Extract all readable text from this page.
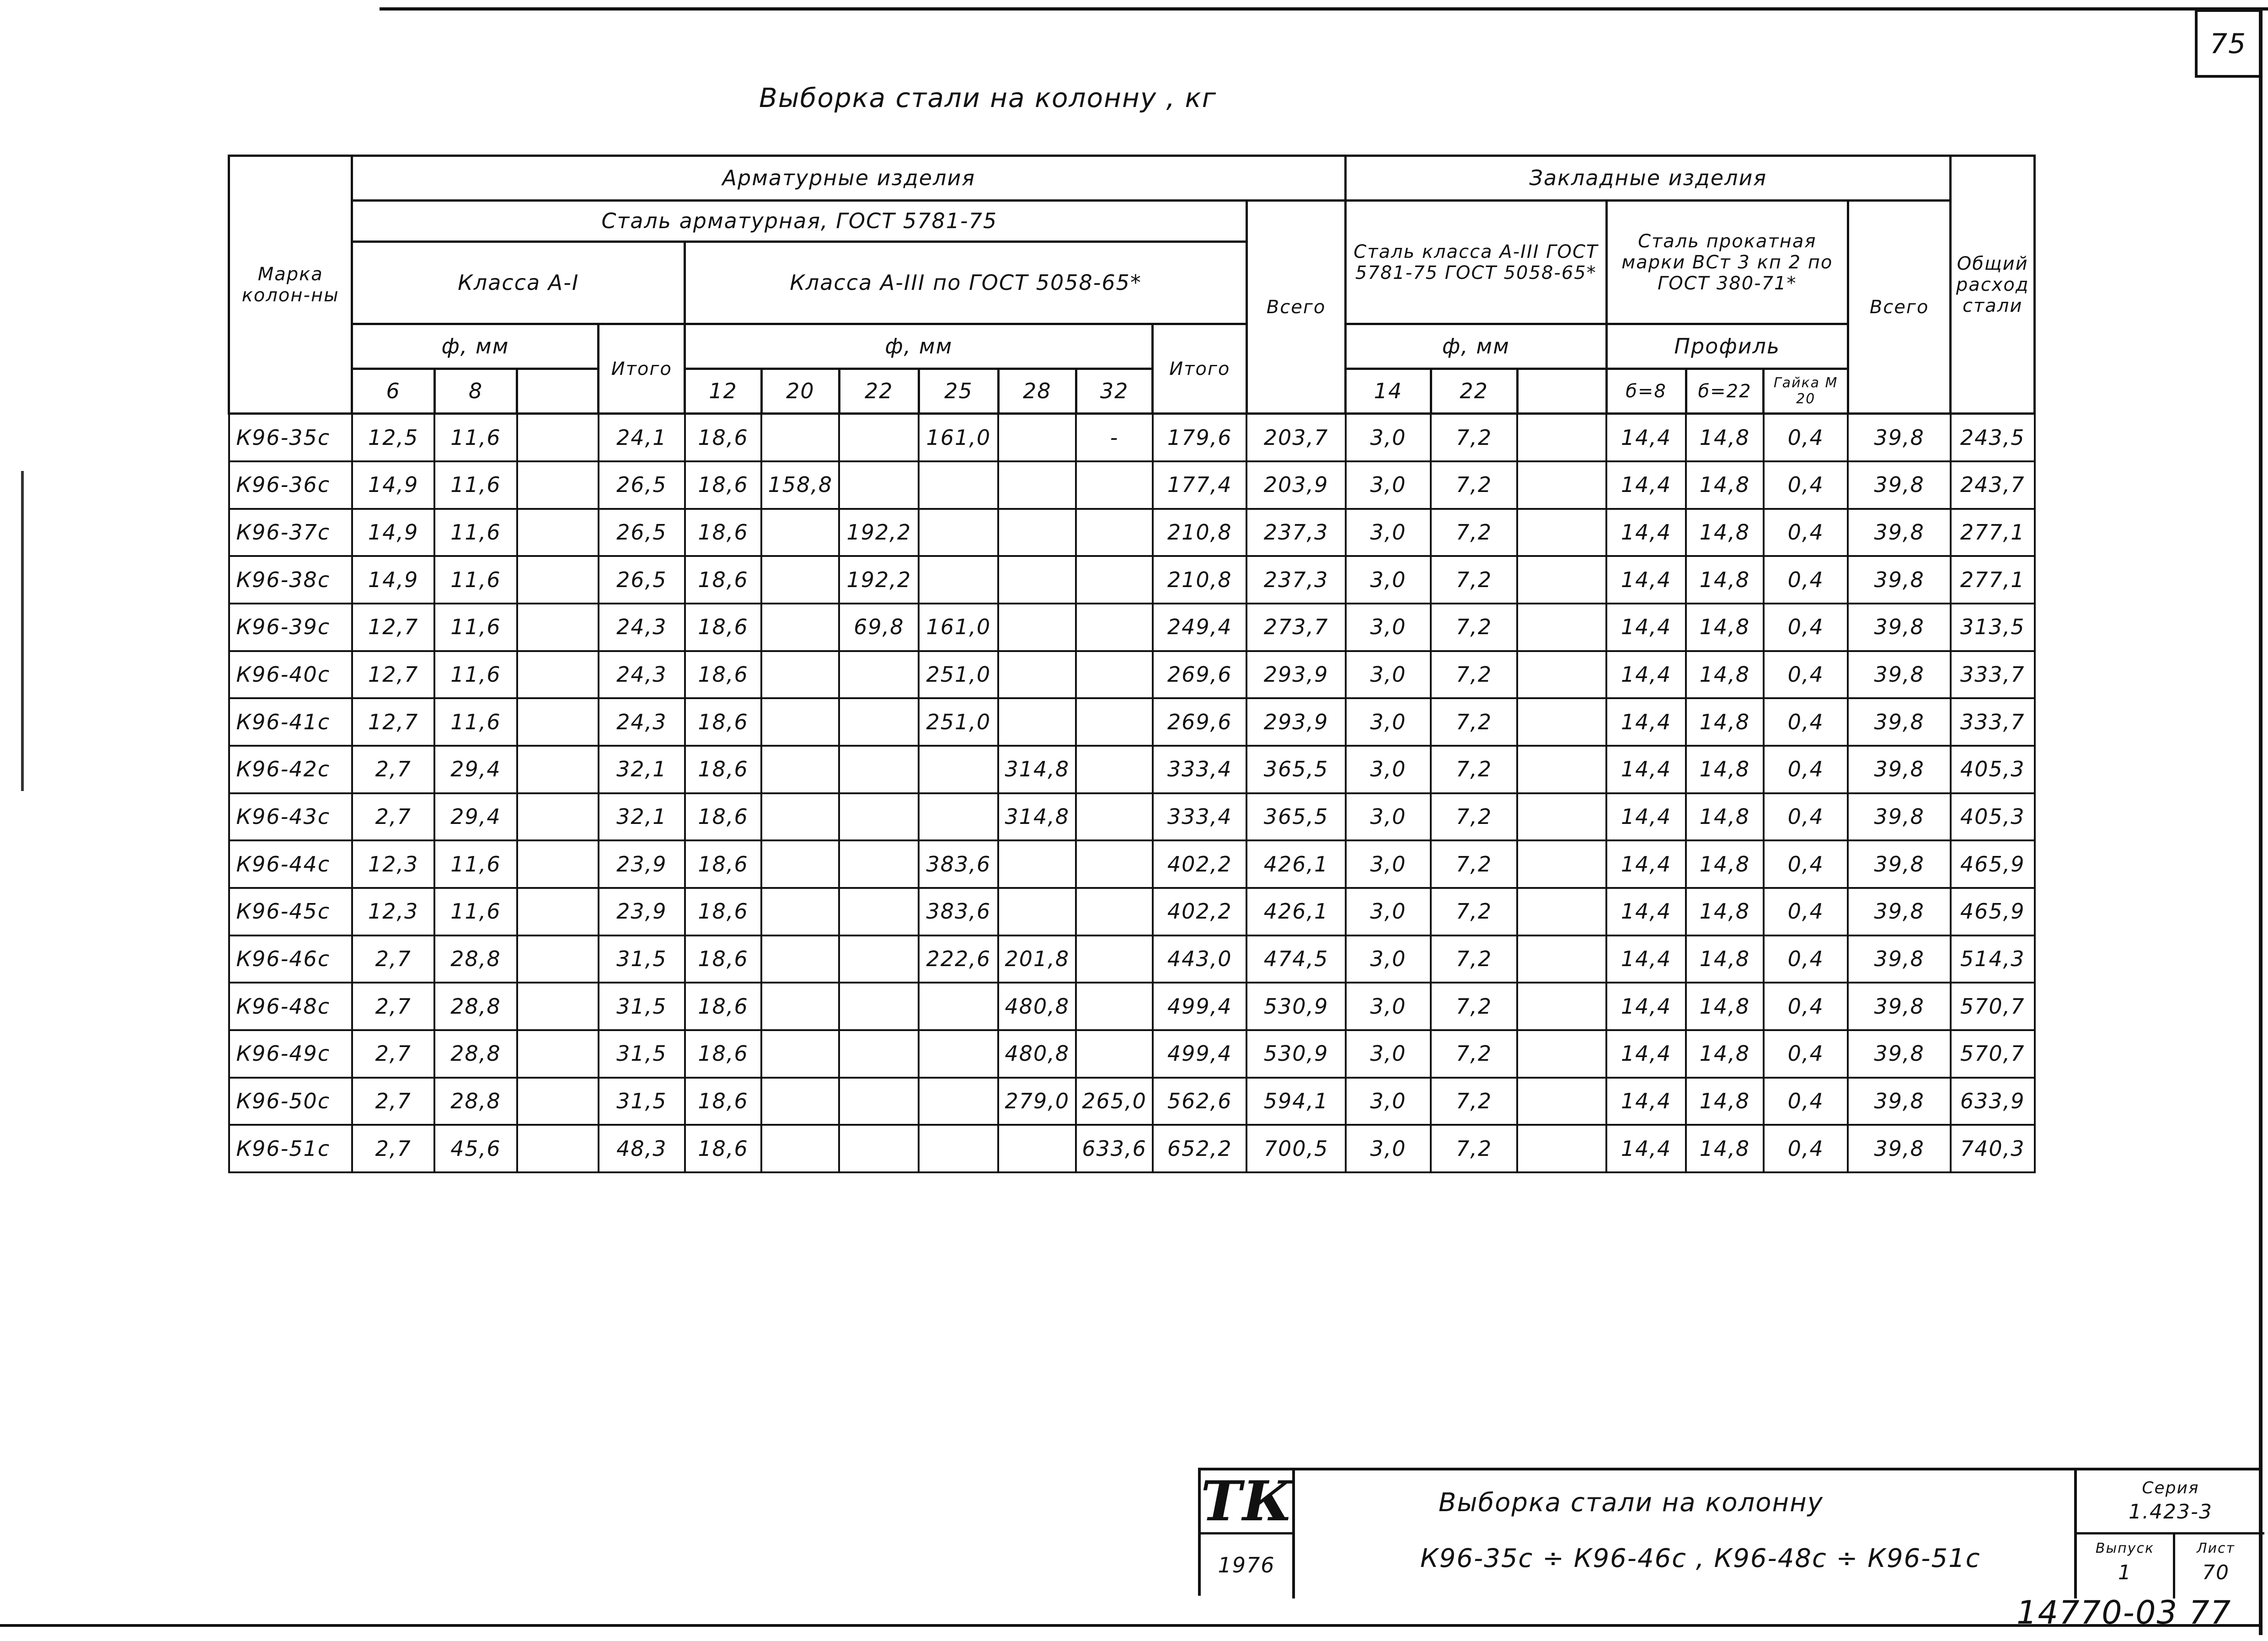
75
Выборка стали на колонну , кг
Марка колон-ны	Арматурные изделия												Закладные изделия							Общий расход стали
	Сталь арматурная, ГОСТ 5781-75											Всего	Сталь класса А-III ГОСТ 5781-75 ГОСТ 5058-65*			Сталь прокатная марки ВСт 3 кп 2 по ГОСТ 380-71*			Всего	
	Класса А-I				Класса А-III по ГОСТ 5058-65*															
	ф, мм			Итого	ф, мм						Итого		ф, мм			Профиль				
	6	8			12	20	22	25	28	32			14	22		б=8	б=22	Гайка М 20		
К96-35с	12,5	11,6		24,1	18,6			161,0		-	179,6	203,7	3,0	7,2		14,4	14,8	0,4	39,8	243,5
К96-36с	14,9	11,6		26,5	18,6	158,8					177,4	203,9	3,0	7,2		14,4	14,8	0,4	39,8	243,7
К96-37с	14,9	11,6		26,5	18,6		192,2				210,8	237,3	3,0	7,2		14,4	14,8	0,4	39,8	277,1
К96-38с	14,9	11,6		26,5	18,6		192,2				210,8	237,3	3,0	7,2		14,4	14,8	0,4	39,8	277,1
К96-39с	12,7	11,6		24,3	18,6		69,8	161,0			249,4	273,7	3,0	7,2		14,4	14,8	0,4	39,8	313,5
К96-40с	12,7	11,6		24,3	18,6			251,0			269,6	293,9	3,0	7,2		14,4	14,8	0,4	39,8	333,7
К96-41с	12,7	11,6		24,3	18,6			251,0			269,6	293,9	3,0	7,2		14,4	14,8	0,4	39,8	333,7
К96-42с	2,7	29,4		32,1	18,6				314,8		333,4	365,5	3,0	7,2		14,4	14,8	0,4	39,8	405,3
К96-43с	2,7	29,4		32,1	18,6				314,8		333,4	365,5	3,0	7,2		14,4	14,8	0,4	39,8	405,3
К96-44с	12,3	11,6		23,9	18,6			383,6			402,2	426,1	3,0	7,2		14,4	14,8	0,4	39,8	465,9
К96-45с	12,3	11,6		23,9	18,6			383,6			402,2	426,1	3,0	7,2		14,4	14,8	0,4	39,8	465,9
К96-46с	2,7	28,8		31,5	18,6			222,6	201,8		443,0	474,5	3,0	7,2		14,4	14,8	0,4	39,8	514,3
К96-48с	2,7	28,8		31,5	18,6				480,8		499,4	530,9	3,0	7,2		14,4	14,8	0,4	39,8	570,7
К96-49с	2,7	28,8		31,5	18,6				480,8		499,4	530,9	3,0	7,2		14,4	14,8	0,4	39,8	570,7
К96-50с	2,7	28,8		31,5	18,6				279,0	265,0	562,6	594,1	3,0	7,2		14,4	14,8	0,4	39,8	633,9
К96-51с	2,7	45,6		48,3	18,6					633,6	652,2	700,5	3,0	7,2		14,4	14,8	0,4	39,8	740,3
ТК
1976
Выборка стали на колонну
К96-35с ÷ К96-46с , К96-48с ÷ К96-51с
Серия
1.423-3
Выпуск
1
Лист
70
14770-03 77
